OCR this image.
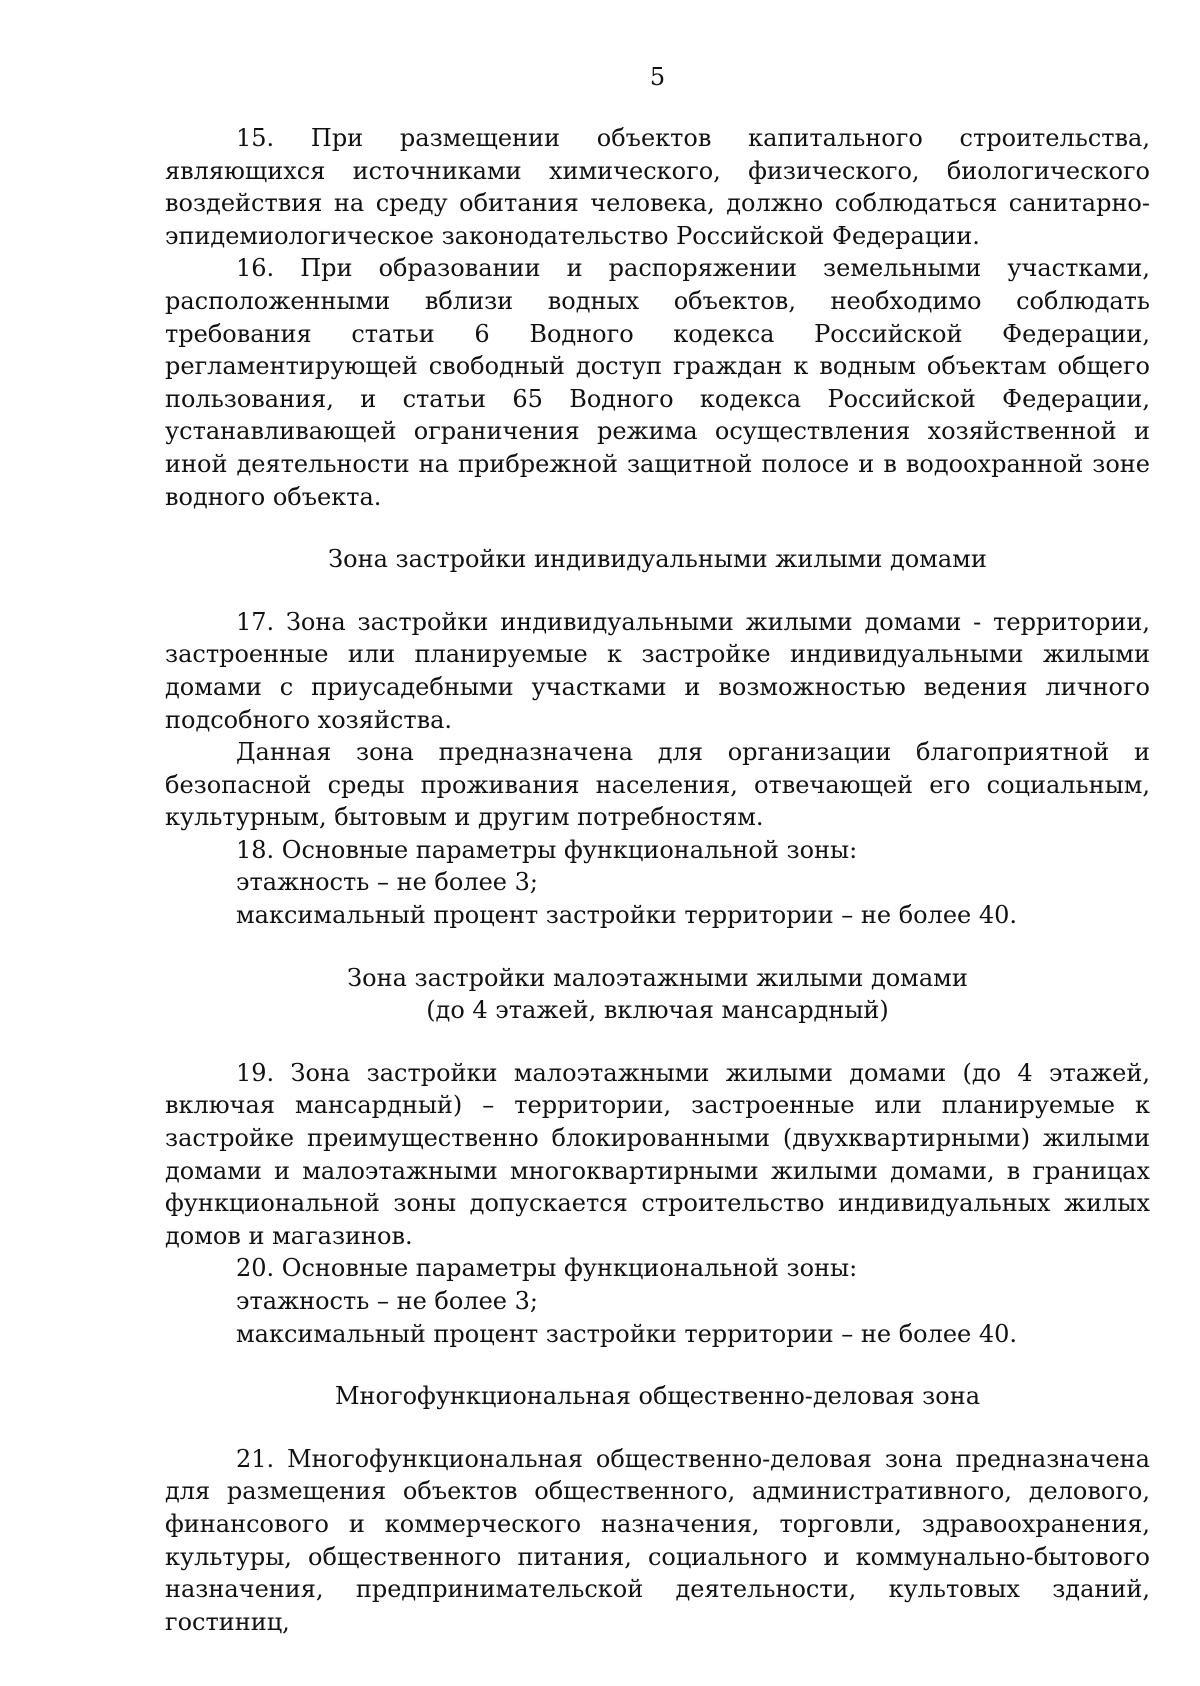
5

15. При размещении объектов капитального строительства, являющихся источниками химического, физического, биологического воздействия на среду обитания человека, должно соблюдаться санитарно-эпидемиологическое законодательство Российской Федерации.

16. При образовании и распоряжении земельными участками, расположенными вблизи водных объектов, необходимо соблюдать требования статьи 6 Водного кодекса Российской Федерации, регламентирующей свободный доступ граждан к водным объектам общего пользования, и статьи 65 Водного кодекса Российской Федерации, устанавливающей ограничения режима осуществления хозяйственной и иной деятельности на прибрежной защитной полосе и в водоохранной зоне водного объекта.

Зона застройки индивидуальными жилыми домами

17. Зона застройки индивидуальными жилыми домами - территории, застроенные или планируемые к застройке индивидуальными жилыми домами с приусадебными участками и возможностью ведения личного подсобного хозяйства.

Данная зона предназначена для организации благоприятной и безопасной среды проживания населения, отвечающей его социальным, культурным, бытовым и другим потребностям.

18. Основные параметры функциональной зоны:

этажность – не более 3;

максимальный процент застройки территории – не более 40.

Зона застройки малоэтажными жилыми домами

(до 4 этажей, включая мансардный)

19. Зона застройки малоэтажными жилыми домами (до 4 этажей, включая мансардный) – территории, застроенные или планируемые к застройке преимущественно блокированными (двухквартирными) жилыми домами и малоэтажными многоквартирными жилыми домами, в границах функциональной зоны допускается строительство индивидуальных жилых домов и магазинов.

20. Основные параметры функциональной зоны:

этажность – не более 3;

максимальный процент застройки территории – не более 40.

Многофункциональная общественно-деловая зона

21. Многофункциональная общественно-деловая зона предназначена для размещения объектов общественного, административного, делового, финансового и коммерческого назначения, торговли, здравоохранения, культуры, общественного питания, социального и коммунально-бытового назначения, предпринимательской деятельности, культовых зданий, гостиниц,
